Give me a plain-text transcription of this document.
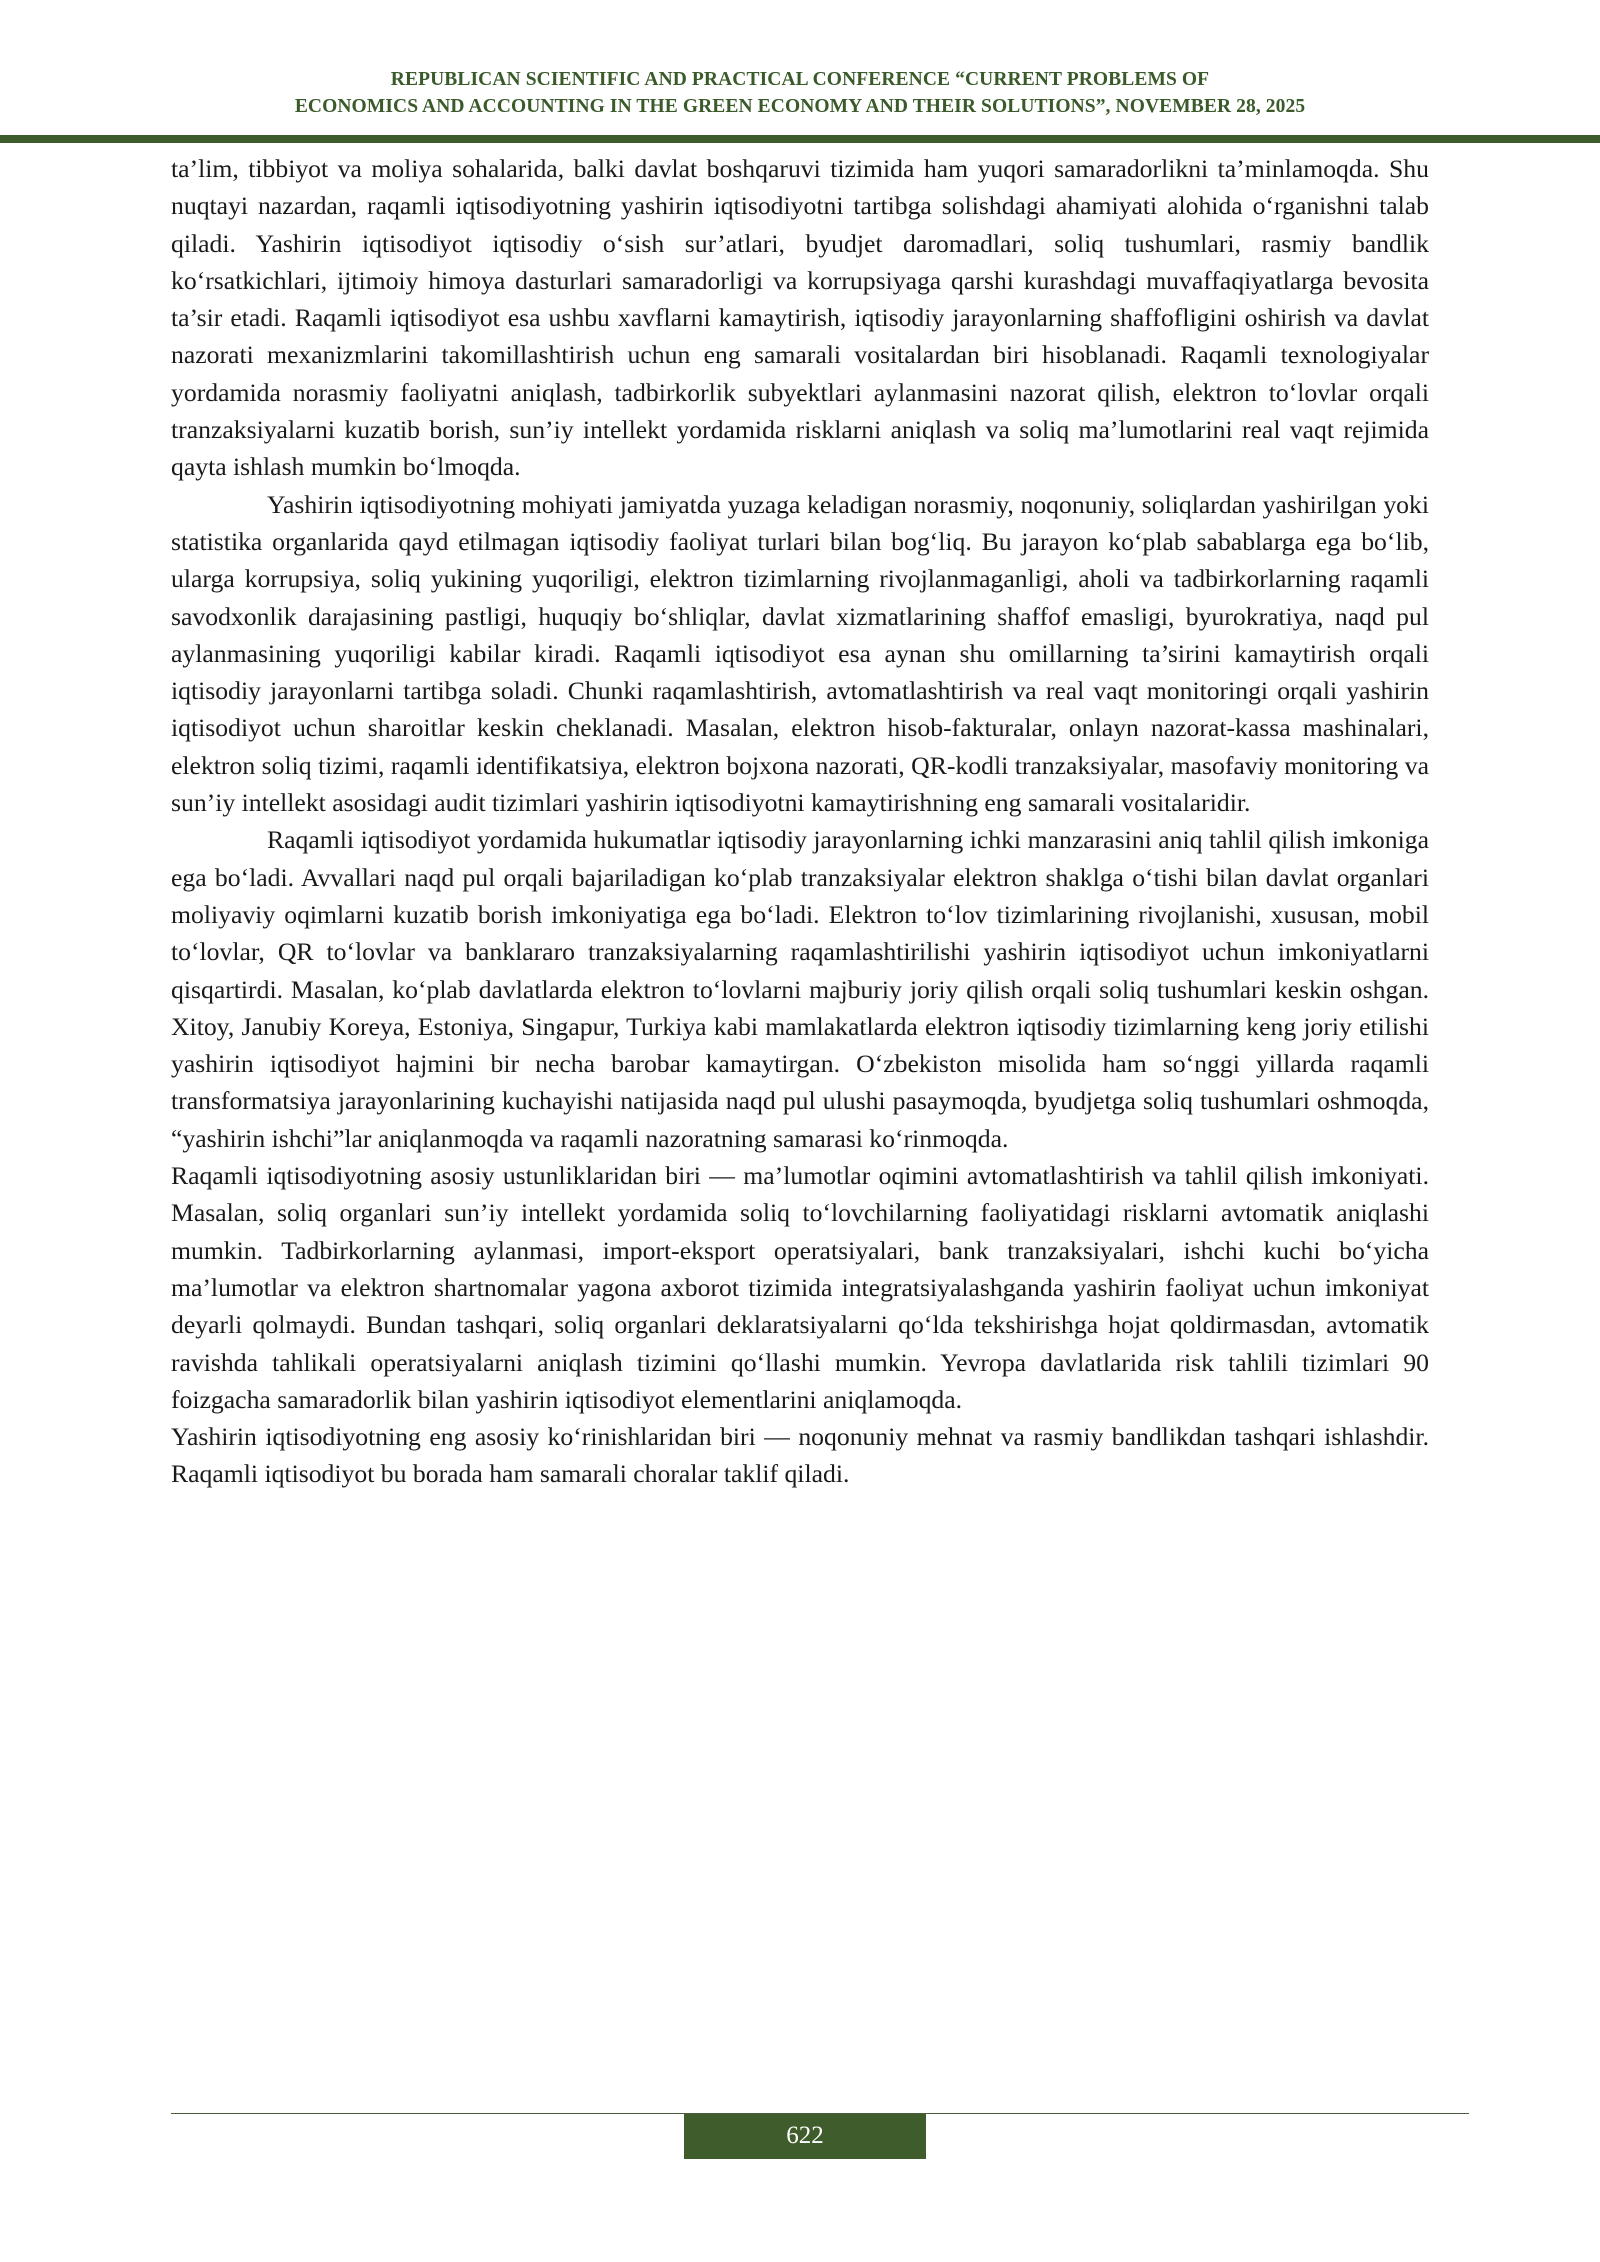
REPUBLICAN SCIENTIFIC AND PRACTICAL CONFERENCE “CURRENT PROBLEMS OF
ECONOMICS AND ACCOUNTING IN THE GREEN ECONOMY AND THEIR SOLUTIONS”, NOVEMBER 28, 2025

ta’lim, tibbiyot va moliya sohalarida, balki davlat boshqaruvi tizimida ham yuqori samaradorlikni ta’minlamoqda. Shu nuqtayi nazardan, raqamli iqtisodiyotning yashirin iqtisodiyotni tartibga solishdagi ahamiyati alohida o‘rganishni talab qiladi. Yashirin iqtisodiyot iqtisodiy o‘sish sur’atlari, byudjet daromadlari, soliq tushumlari, rasmiy bandlik ko‘rsatkichlari, ijtimoiy himoya dasturlari samaradorligi va korrupsiyaga qarshi kurashdagi muvaffaqiyatlarga bevosita ta’sir etadi. Raqamli iqtisodiyot esa ushbu xavflarni kamaytirish, iqtisodiy jarayonlarning shaffofligini oshirish va davlat nazorati mexanizmlarini takomillashtirish uchun eng samarali vositalardan biri hisoblanadi. Raqamli texnologiyalar yordamida norasmiy faoliyatni aniqlash, tadbirkorlik subyektlari aylanmasini nazorat qilish, elektron to‘lovlar orqali tranzaksiyalarni kuzatib borish, sun’iy intellekt yordamida risklarni aniqlash va soliq ma’lumotlarini real vaqt rejimida qayta ishlash mumkin bo‘lmoqda.

Yashirin iqtisodiyotning mohiyati jamiyatda yuzaga keladigan norasmiy, noqonuniy, soliqlardan yashirilgan yoki statistika organlarida qayd etilmagan iqtisodiy faoliyat turlari bilan bog‘liq. Bu jarayon ko‘plab sabablarga ega bo‘lib, ularga korrupsiya, soliq yukining yuqoriligi, elektron tizimlarning rivojlanmaganligi, aholi va tadbirkorlarning raqamli savodxonlik darajasining pastligi, huquqiy bo‘shliqlar, davlat xizmatlarining shaffof emasligi, byurokratiya, naqd pul aylanmasining yuqoriligi kabilar kiradi. Raqamli iqtisodiyot esa aynan shu omillarning ta’sirini kamaytirish orqali iqtisodiy jarayonlarni tartibga soladi. Chunki raqamlashtirish, avtomatlashtirish va real vaqt monitoringi orqali yashirin iqtisodiyot uchun sharoitlar keskin cheklanadi. Masalan, elektron hisob-fakturalar, onlayn nazorat-kassa mashinalari, elektron soliq tizimi, raqamli identifikatsiya, elektron bojxona nazorati, QR-kodli tranzaksiyalar, masofaviy monitoring va sun’iy intellekt asosidagi audit tizimlari yashirin iqtisodiyotni kamaytirishning eng samarali vositalaridir.

Raqamli iqtisodiyot yordamida hukumatlar iqtisodiy jarayonlarning ichki manzarasini aniq tahlil qilish imkoniga ega bo‘ladi. Avvallari naqd pul orqali bajariladigan ko‘plab tranzaksiyalar elektron shaklga o‘tishi bilan davlat organlari moliyaviy oqimlarni kuzatib borish imkoniyatiga ega bo‘ladi. Elektron to‘lov tizimlarining rivojlanishi, xususan, mobil to‘lovlar, QR to‘lovlar va banklararo tranzaksiyalarning raqamlashtirilishi yashirin iqtisodiyot uchun imkoniyatlarni qisqartirdi. Masalan, ko‘plab davlatlarda elektron to‘lovlarni majburiy joriy qilish orqali soliq tushumlari keskin oshgan. Xitoy, Janubiy Koreya, Estoniya, Singapur, Turkiya kabi mamlakatlarda elektron iqtisodiy tizimlarning keng joriy etilishi yashirin iqtisodiyot hajmini bir necha barobar kamaytirgan. O‘zbekiston misolida ham so‘nggi yillarda raqamli transformatsiya jarayonlarining kuchayishi natijasida naqd pul ulushi pasaymoqda, byudjetga soliq tushumlari oshmoqda, “yashirin ishchi”lar aniqlanmoqda va raqamli nazoratning samarasi ko‘rinmoqda.

Raqamli iqtisodiyotning asosiy ustunliklaridan biri — ma’lumotlar oqimini avtomatlashtirish va tahlil qilish imkoniyati. Masalan, soliq organlari sun’iy intellekt yordamida soliq to‘lovchilarning faoliyatidagi risklarni avtomatik aniqlashi mumkin. Tadbirkorlarning aylanmasi, import-eksport operatsiyalari, bank tranzaksiyalari, ishchi kuchi bo‘yicha ma’lumotlar va elektron shartnomalar yagona axborot tizimida integratsiyalashganda yashirin faoliyat uchun imkoniyat deyarli qolmaydi. Bundan tashqari, soliq organlari deklaratsiyalarni qo‘lda tekshirishga hojat qoldirmasdan, avtomatik ravishda tahlikali operatsiyalarni aniqlash tizimini qo‘llashi mumkin. Yevropa davlatlarida risk tahlili tizimlari 90 foizgacha samaradorlik bilan yashirin iqtisodiyot elementlarini aniqlamoqda.

Yashirin iqtisodiyotning eng asosiy ko‘rinishlaridan biri — noqonuniy mehnat va rasmiy bandlikdan tashqari ishlashdir. Raqamli iqtisodiyot bu borada ham samarali choralar taklif qiladi.

622
